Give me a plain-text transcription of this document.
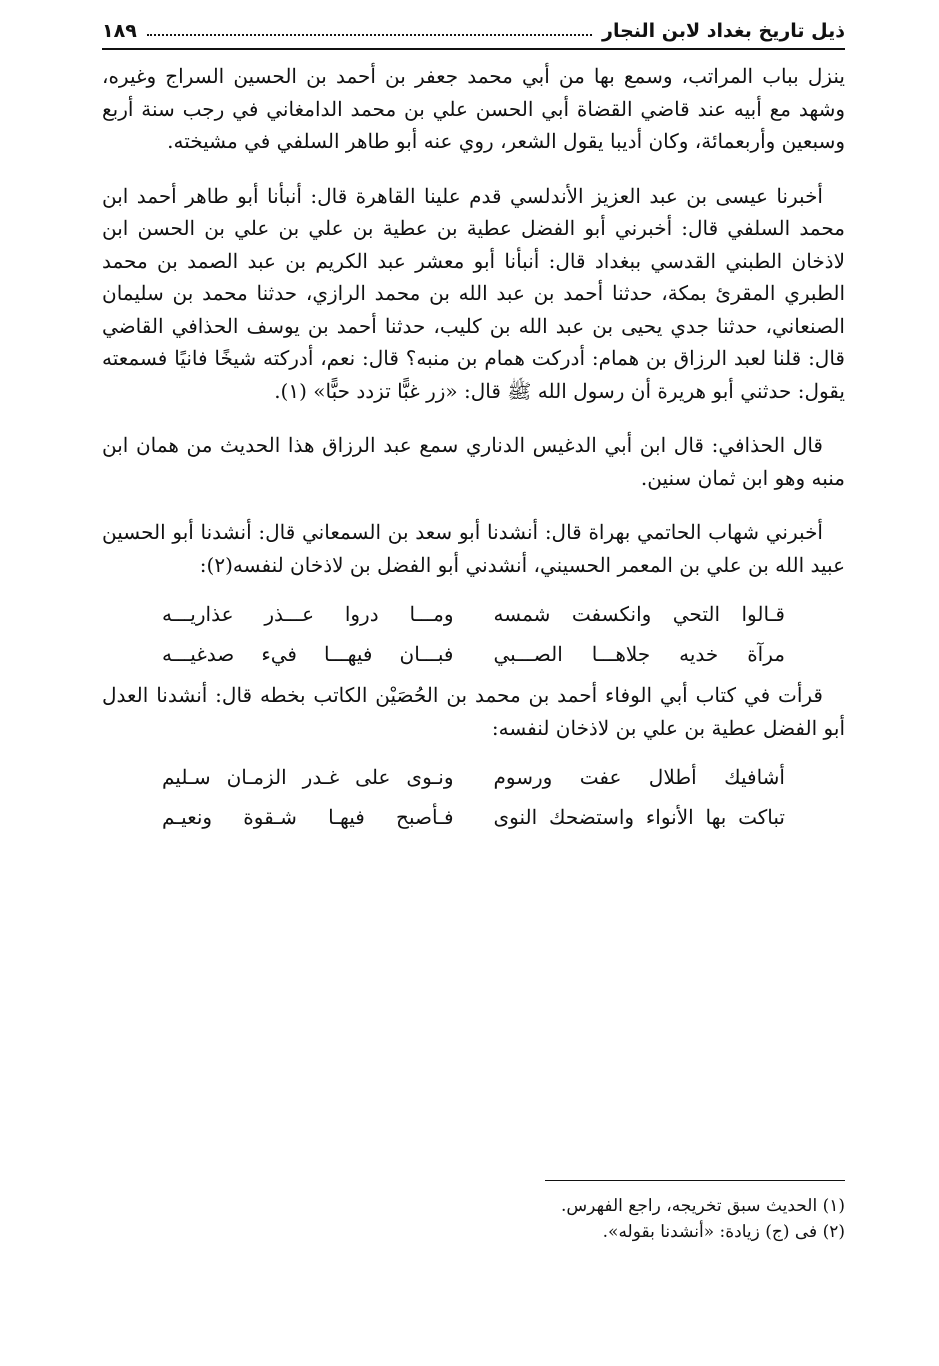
ذيل تاريخ بغداد لابن النجار
١٨٩

ينزل بباب المراتب، وسمع بها من أبي محمد جعفر بن أحمد بن الحسين السراج وغيره، وشهد مع أبيه عند قاضي القضاة أبي الحسن علي بن محمد الدامغاني في رجب سنة أربع وسبعين وأربعمائة، وكان أديبا يقول الشعر، روي عنه أبو طاهر السلفي في مشيخته.

أخبرنا عيسى بن عبد العزيز الأندلسي قدم علينا القاهرة قال: أنبأنا أبو طاهر أحمد ابن محمد السلفي قال: أخبرني أبو الفضل عطية بن عطية بن علي بن علي بن الحسن ابن لاذخان الطبني القدسي ببغداد قال: أنبأنا أبو معشر عبد الكريم بن عبد الصمد بن محمد الطبري المقرئ بمكة، حدثنا أحمد بن عبد الله بن محمد الرازي، حدثنا محمد بن سليمان الصنعاني، حدثنا جدي يحيى بن عبد الله بن كليب، حدثنا أحمد بن يوسف الحذافي القاضي قال: قلنا لعبد الرزاق بن همام: أدركت همام بن منبه؟ قال: نعم، أدركته شيخًا فانيًا فسمعته يقول: حدثني أبو هريرة أن رسول الله ﷺ قال: «زر غبًّا تزدد حبًّا» (١).

قال الحذافي: قال ابن أبي الدغيس الدناري سمع عبد الرزاق هذا الحديث من همان ابن منبه وهو ابن ثمان سنين.

أخبرني شهاب الحاتمي بهراة قال: أنشدنا أبو سعد بن السمعاني قال: أنشدنا أبو الحسين عبيد الله بن علي بن المعمر الحسيني، أنشدني أبو الفضل بن لاذخان لنفسه(٢):

قـالوا التحي وانكسفت شمسه
ومـــا دروا عـــذر عذاريـــه
مرآة خديه جلاهـــا الصـــبي
فبـــان فيهـــا فيء صدغيـــه

قرأت في كتاب أبي الوفاء أحمد بن محمد بن الحُصَيْن الكاتب بخطه قال: أنشدنا العدل أبو الفضل عطية بن علي بن لاذخان لنفسه:

أشافيك أطلال عفت ورسوم
ونـوى على غـدر الزمـان سـليم
تباكت بها الأنواء واستضحك النوى
فـأصبح فيهـا شـقوة ونعيـم

(١) الحديث سبق تخريجه، راجع الفهرس.

(٢) فى (ج) زيادة: «أنشدنا بقوله».
